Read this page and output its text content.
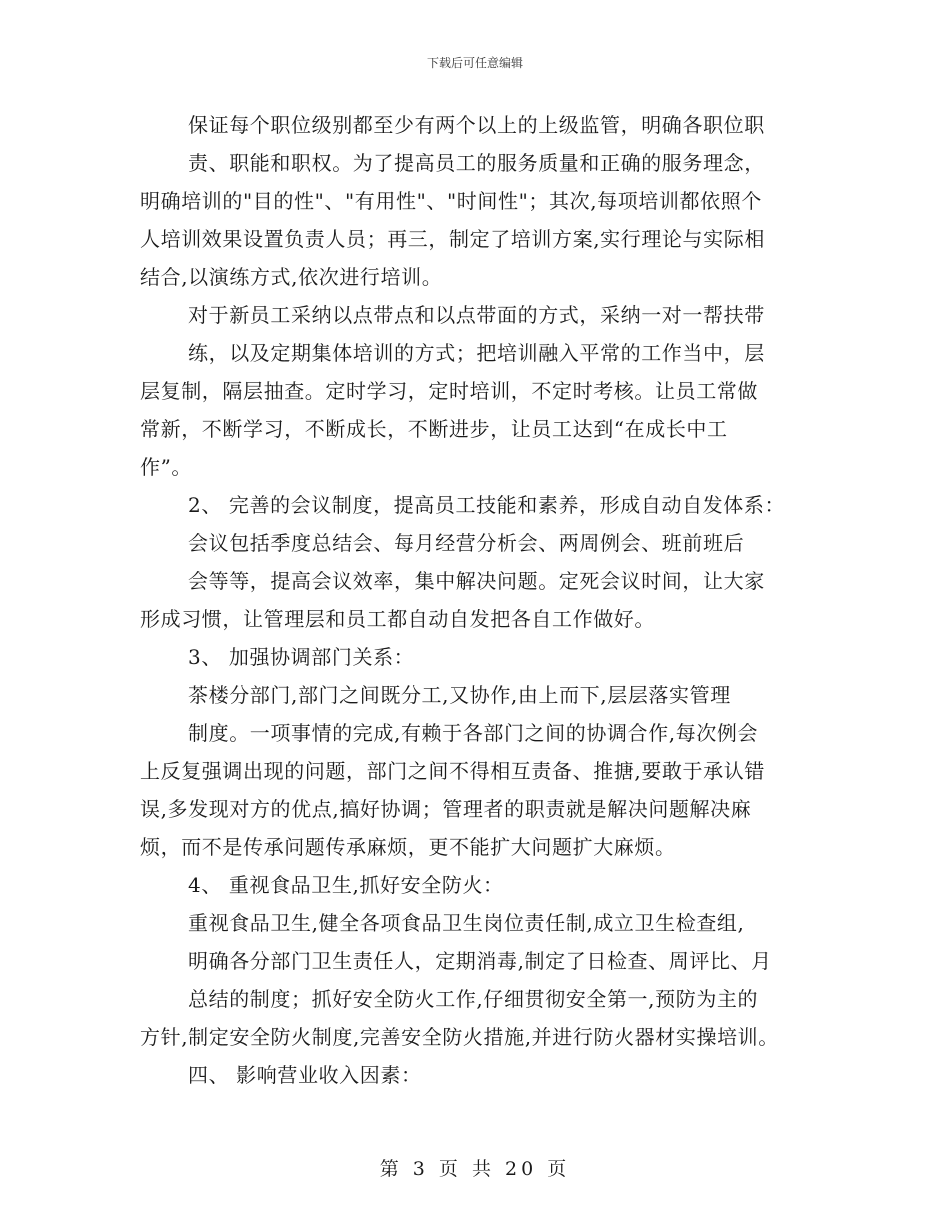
下载后可任意编辑
保证每个职位级别都至少有两个以上的上级监管，明确各职位职
责、职能和职权。为了提高员工的服务质量和正确的服务理念，
明确培训的"目的性"、"有用性"、"时间性"；其次,每项培训都依照个
人培训效果设置负责人员；再三，制定了培训方案,实行理论与实际相
结合,以演练方式,依次进行培训。
对于新员工采纳以点带点和以点带面的方式，采纳一对一帮扶带
练，以及定期集体培训的方式；把培训融入平常的工作当中，层
层复制，隔层抽查。定时学习，定时培训，不定时考核。让员工常做
常新，不断学习，不断成长，不断进步，让员工达到“在成长中工
作”。
2、 完善的会议制度，提高员工技能和素养，形成自动自发体系：
会议包括季度总结会、每月经营分析会、两周例会、班前班后
会等等，提高会议效率，集中解决问题。定死会议时间，让大家
形成习惯，让管理层和员工都自动自发把各自工作做好。
3、 加强协调部门关系：
茶楼分部门,部门之间既分工,又协作,由上而下,层层落实管理
制度。一项事情的完成,有赖于各部门之间的协调合作,每次例会
上反复强调出现的问题，部门之间不得相互责备、推搪,要敢于承认错
误,多发现对方的优点,搞好协调；管理者的职责就是解决问题解决麻
烦，而不是传承问题传承麻烦，更不能扩大问题扩大麻烦。
4、 重视食品卫生,抓好安全防火：
重视食品卫生,健全各项食品卫生岗位责任制,成立卫生检查组,
明确各分部门卫生责任人，定期消毒,制定了日检查、周评比、月
总结的制度；抓好安全防火工作,仔细贯彻安全第一,预防为主的
方针,制定安全防火制度,完善安全防火措施,并进行防火器材实操培训。
四、 影响营业收入因素：
第 3 页 共 20 页
